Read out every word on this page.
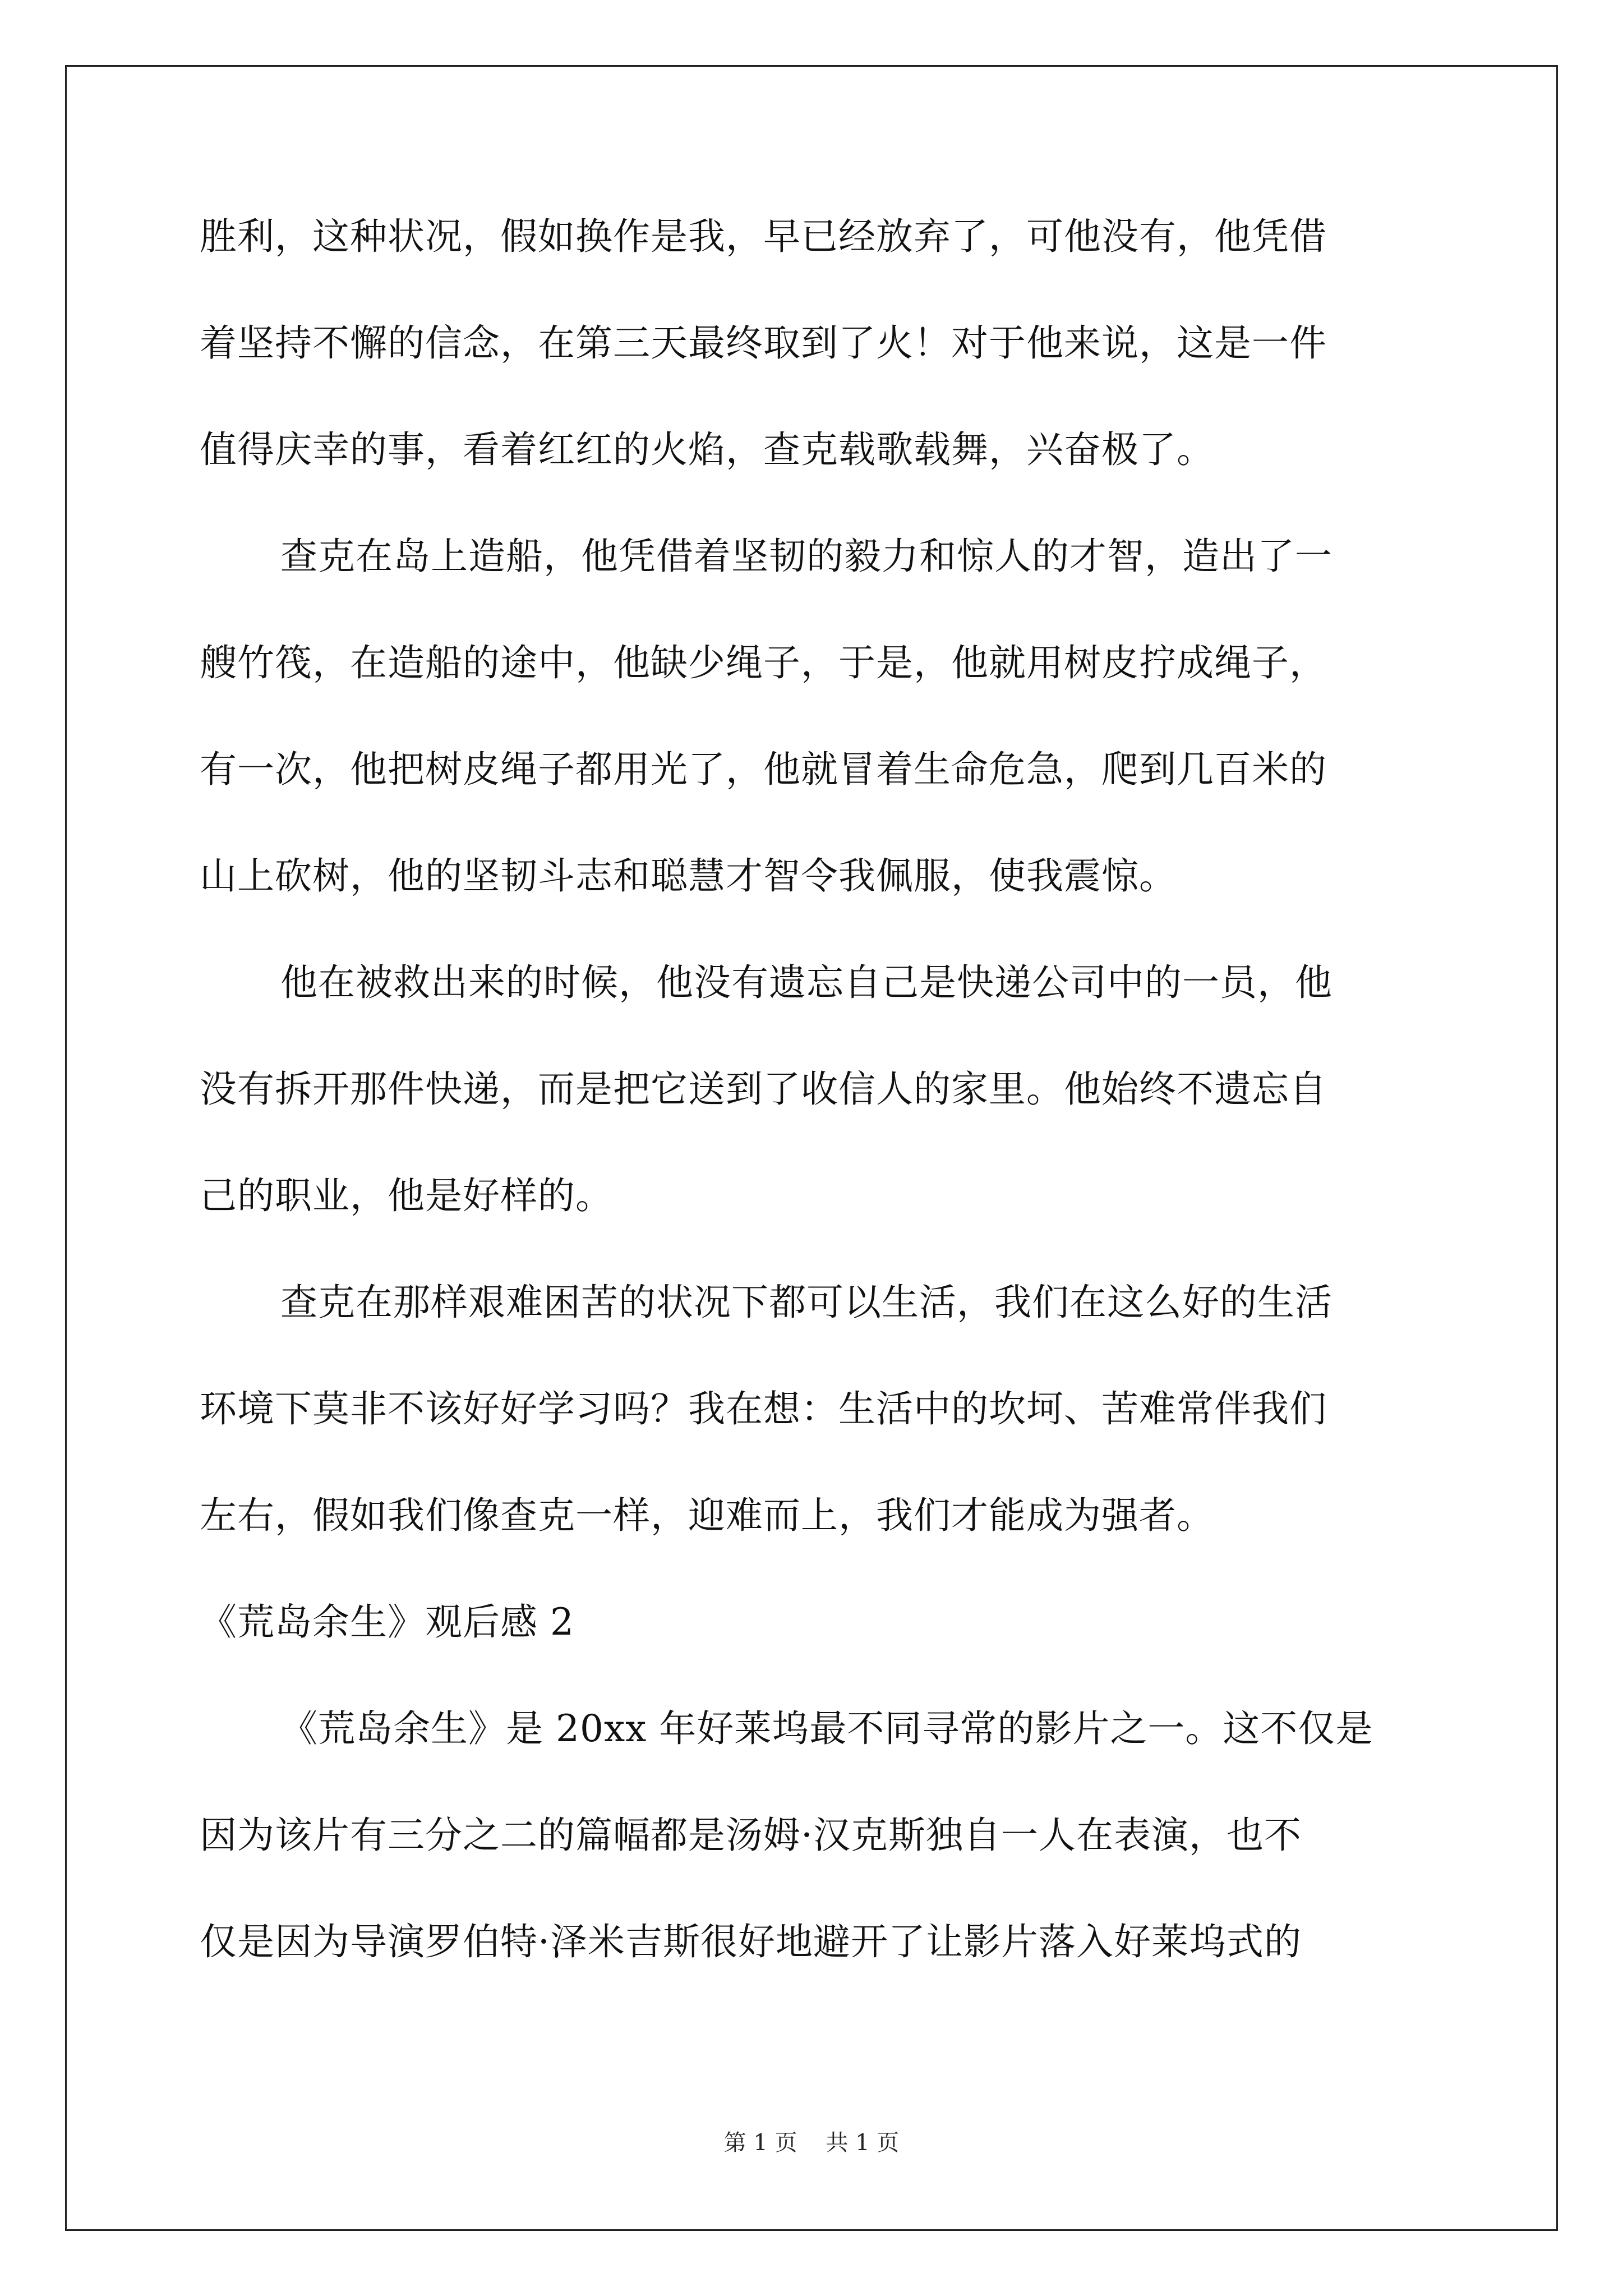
胜利，这种状况，假如换作是我，早已经放弃了，可他没有，他凭借
着坚持不懈的信念，在第三天最终取到了火！对于他来说，这是一件
值得庆幸的事，看着红红的火焰，查克载歌载舞，兴奋极了。
查克在岛上造船，他凭借着坚韧的毅力和惊人的才智，造出了一
艘竹筏，在造船的途中，他缺少绳子，于是，他就用树皮拧成绳子，
有一次，他把树皮绳子都用光了，他就冒着生命危急，爬到几百米的
山上砍树，他的坚韧斗志和聪慧才智令我佩服，使我震惊。
他在被救出来的时候，他没有遗忘自己是快递公司中的一员，他
没有拆开那件快递，而是把它送到了收信人的家里。他始终不遗忘自
己的职业，他是好样的。
查克在那样艰难困苦的状况下都可以生活，我们在这么好的生活
环境下莫非不该好好学习吗？我在想：生活中的坎坷、苦难常伴我们
左右，假如我们像查克一样，迎难而上，我们才能成为强者。
《荒岛余生》观后感 2
《荒岛余生》是 20xx 年好莱坞最不同寻常的影片之一。这不仅是
因为该片有三分之二的篇幅都是汤姆·汉克斯独自一人在表演，也不
仅是因为导演罗伯特·泽米吉斯很好地避开了让影片落入好莱坞式的
第 1 页    共 1 页
